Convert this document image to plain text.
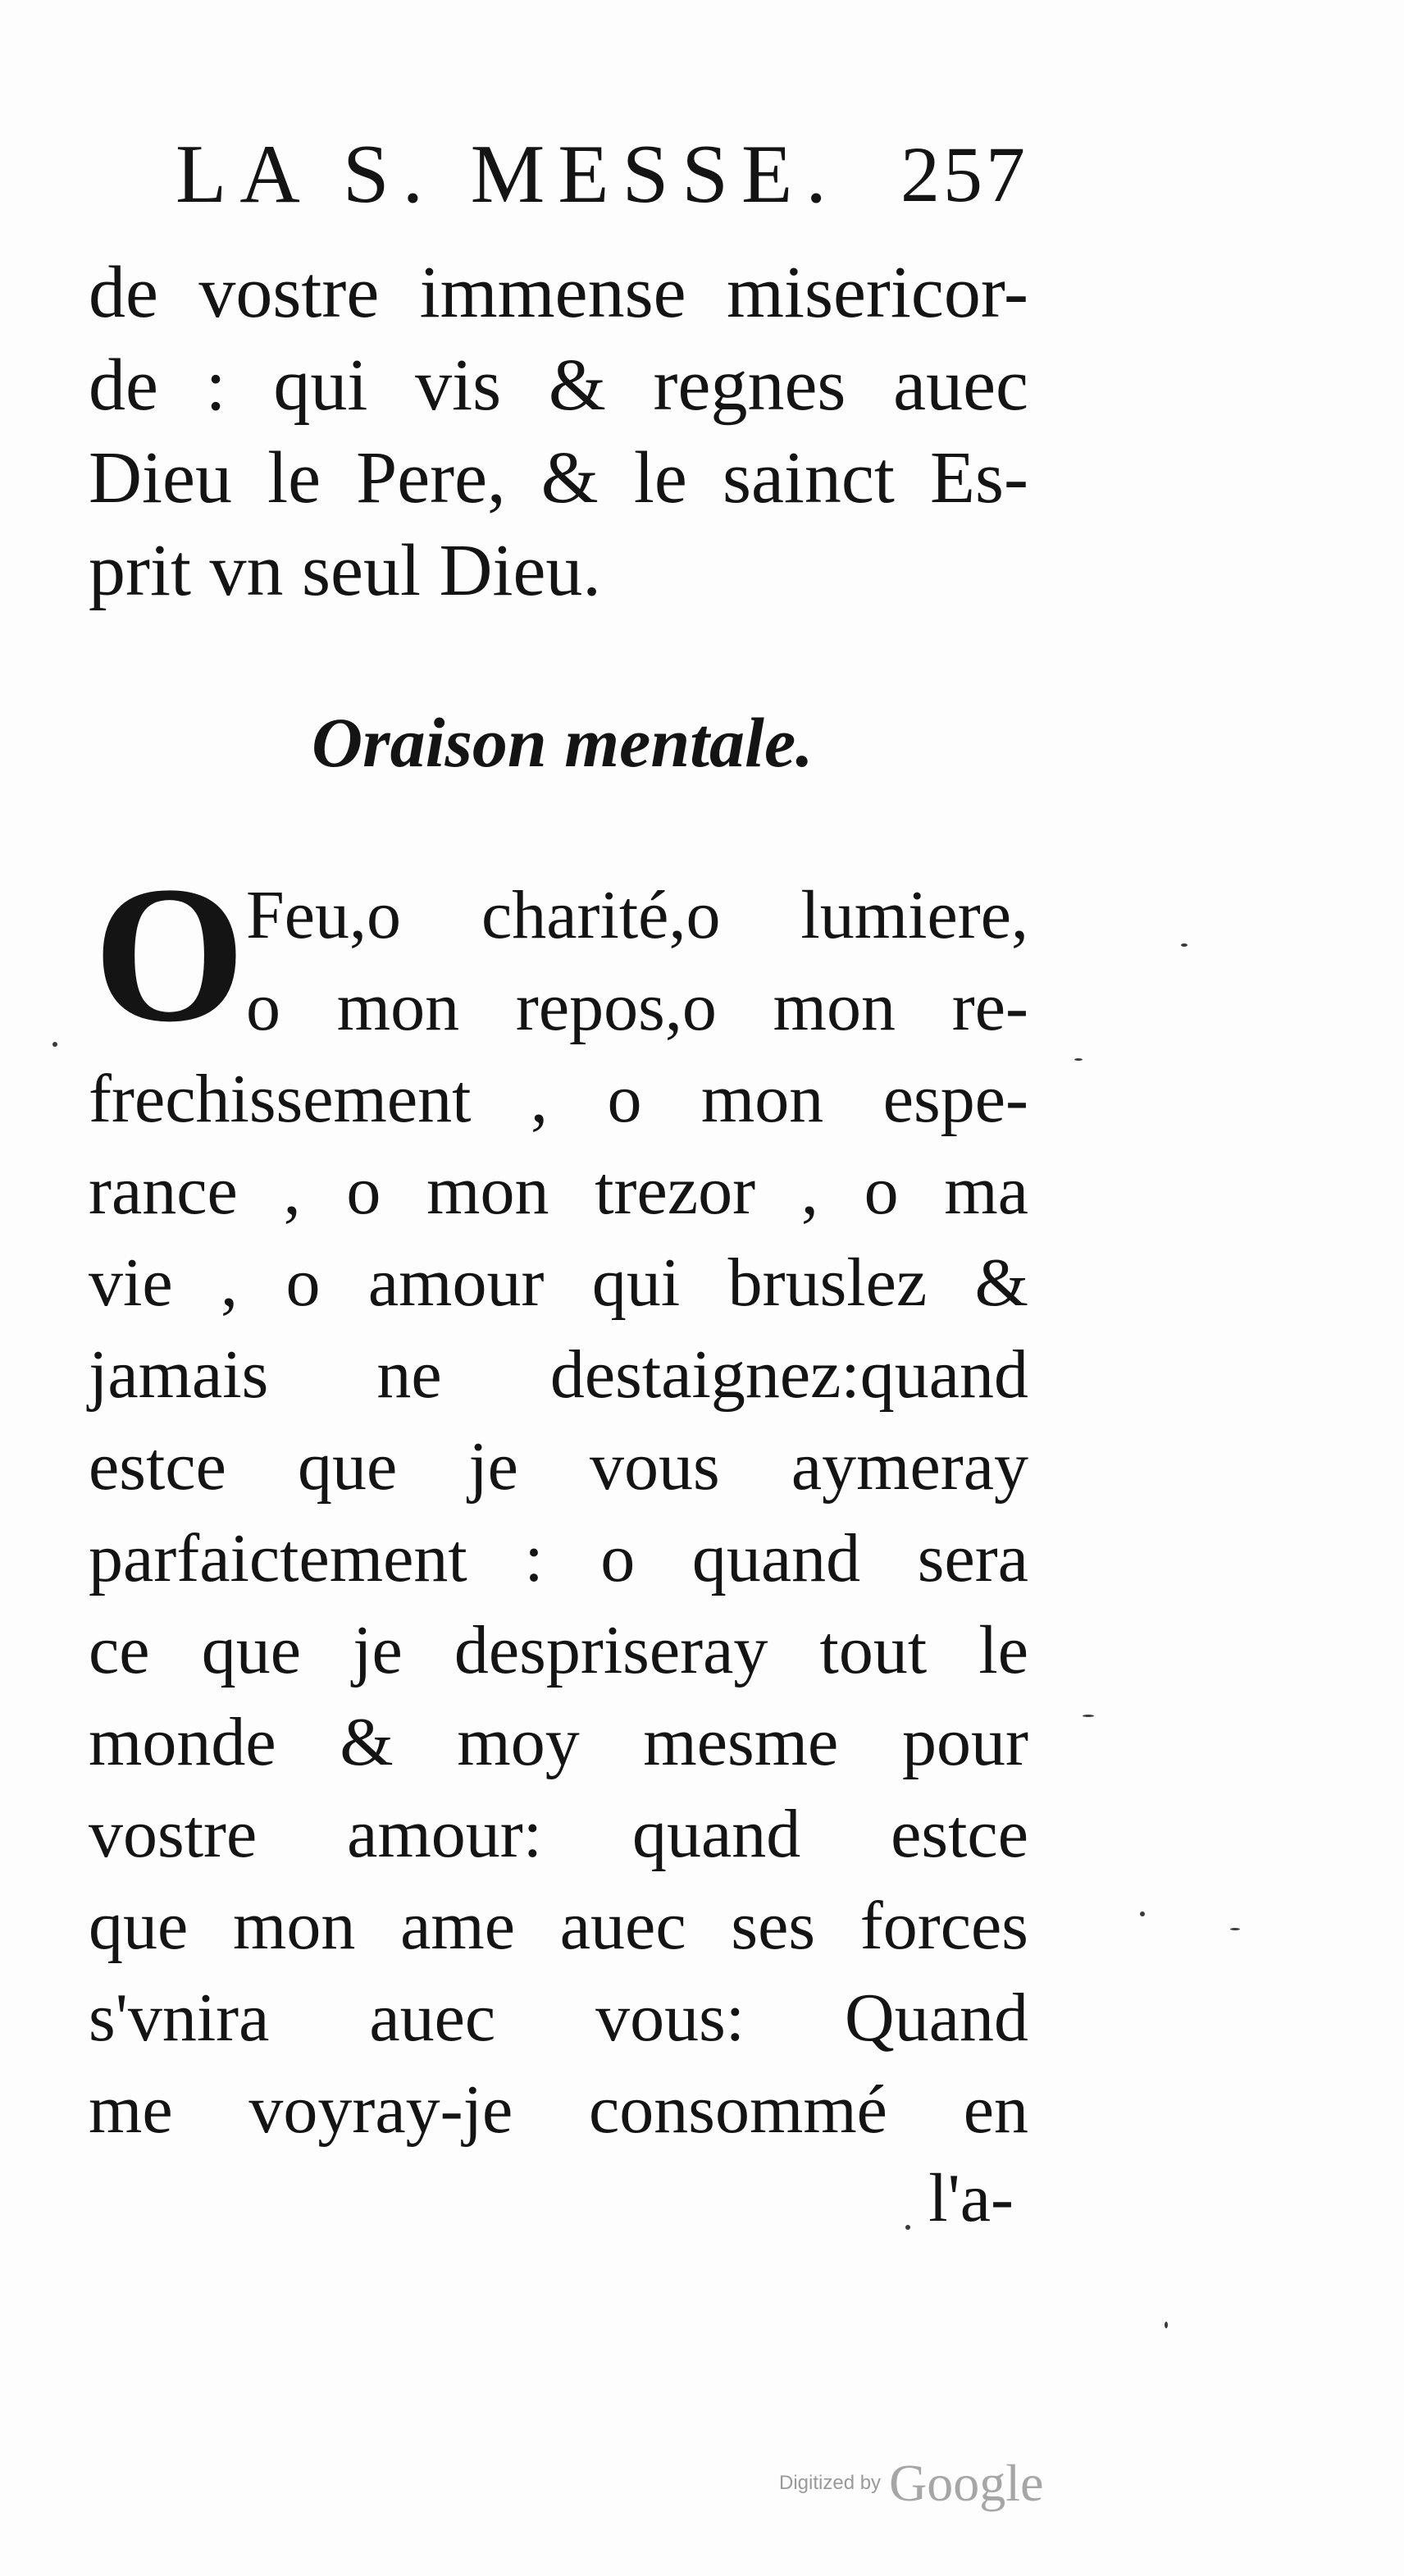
LA S. MESSE. 257
de vostre immense misericor-
de : qui vis & regnes auec
Dieu le Pere, & le sainct Es-
prit vn seul Dieu.
Oraison mentale.
O Feu,o charité,o lumiere,
o mon repos,o mon re-
frechissement , o mon espe-
rance , o mon trezor , o ma
vie , o amour qui bruslez &
jamais ne destaignez:quand
estce que je vous aymeray
parfaictement : o quand sera
ce que je despriseray tout le
monde & moy mesme pour
vostre amour: quand estce
que mon ame auec ses forces
s'vnira auec vous: Quand
me voyray-je consommé en
l'a-
Digitized by Google
